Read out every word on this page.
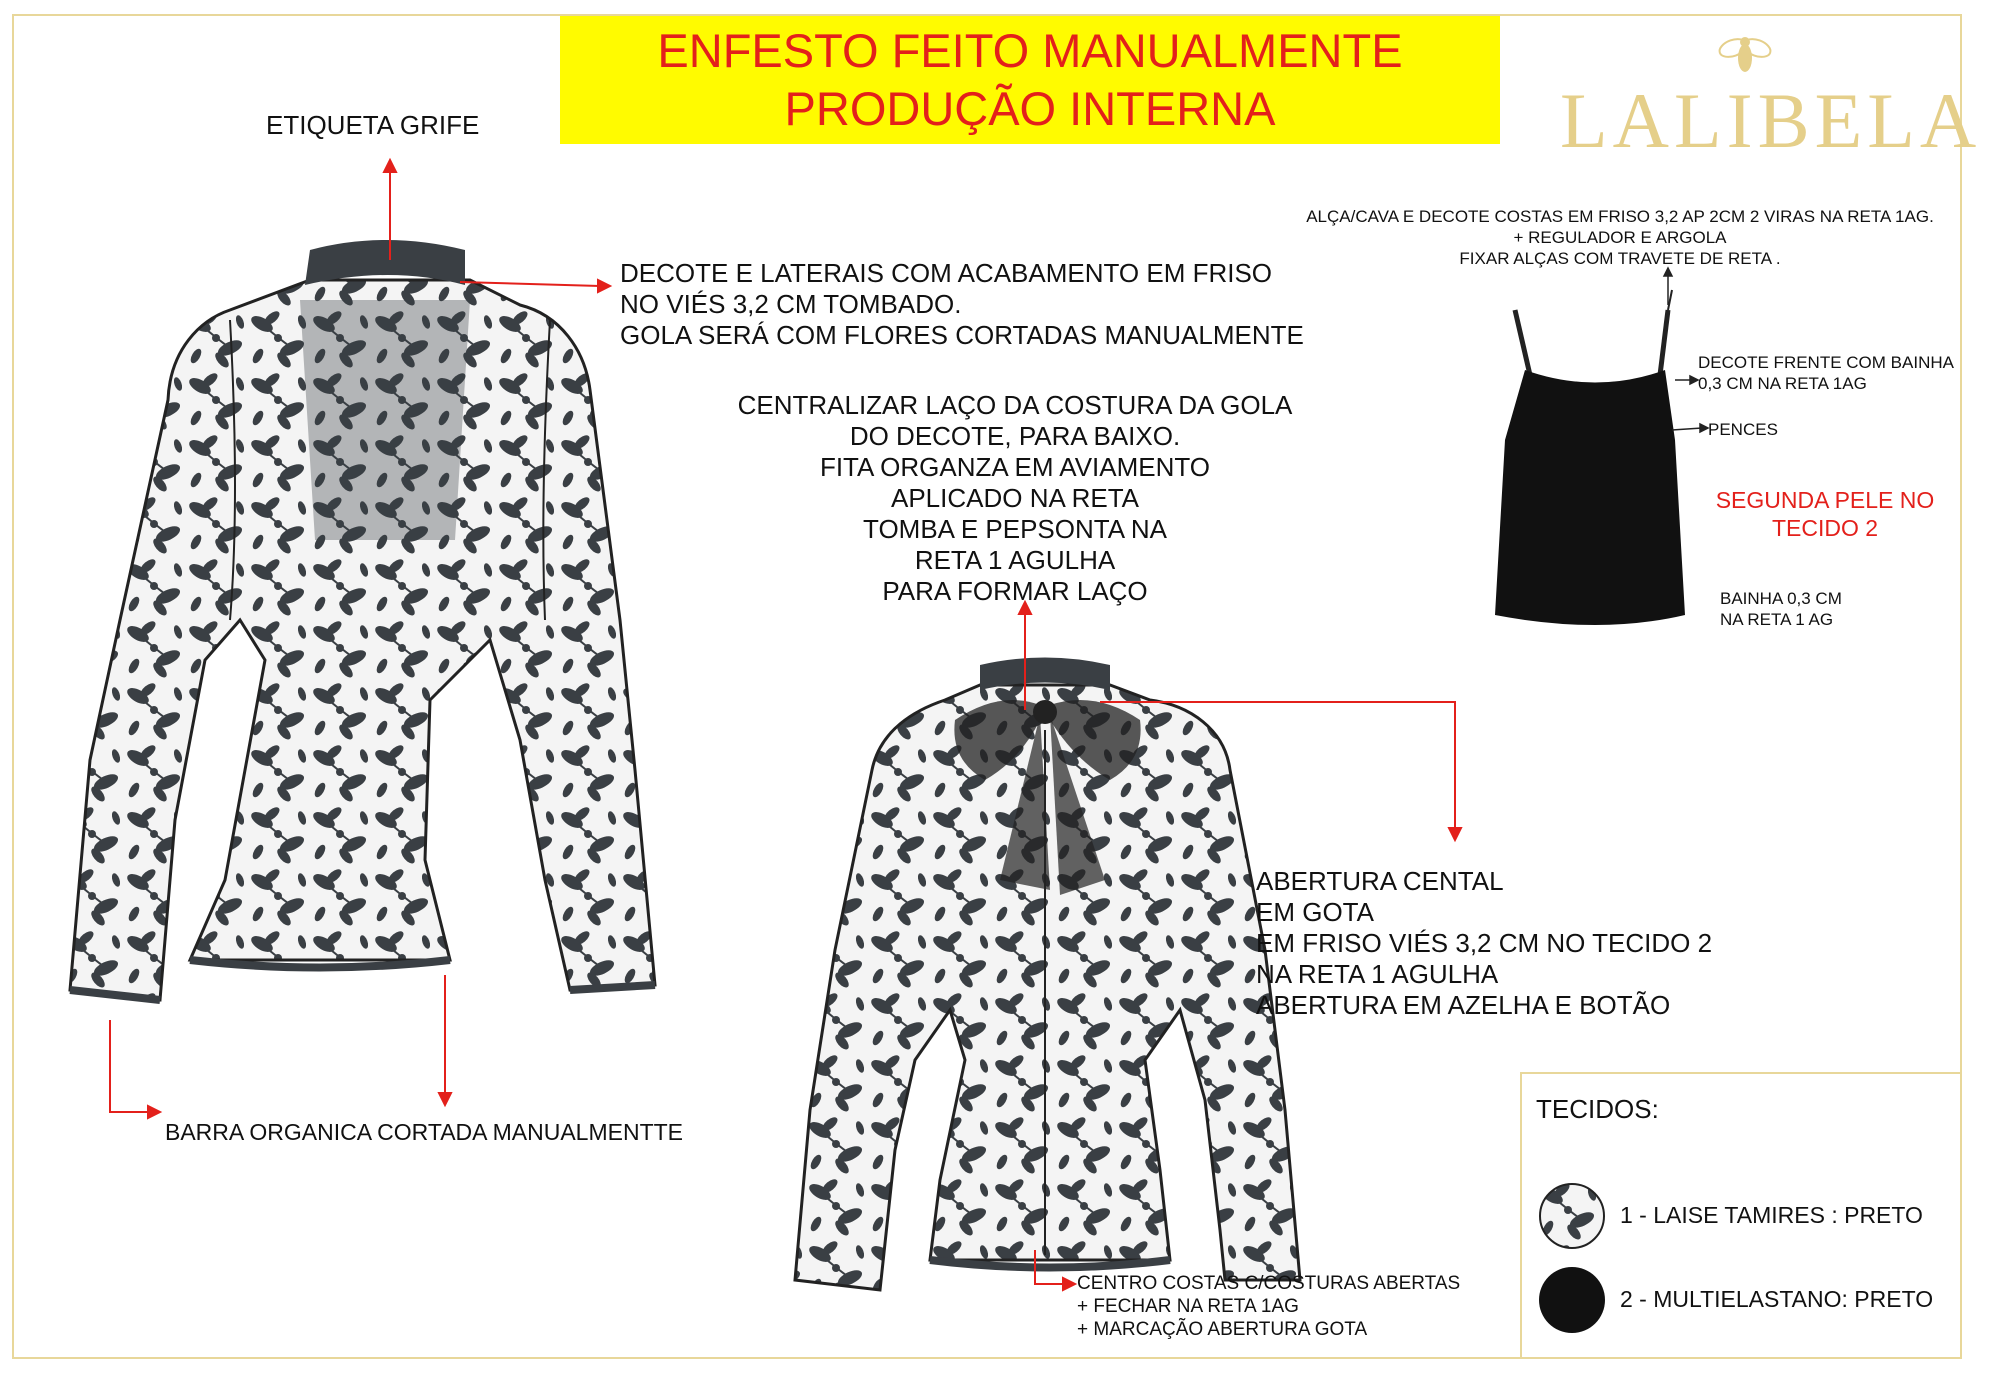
ENFESTO FEITO MANUALMENTE
PRODUÇÃO INTERNA	LALIBELA
ETIQUETA GRIFE
DECOTE E LATERAIS COM ACABAMENTO EM FRISO
NO VIÉS 3,2 CM TOMBADO.
GOLA SERÁ COM FLORES CORTADAS MANUALMENTE
CENTRALIZAR LAÇO DA COSTURA DA GOLA
DO DECOTE, PARA BAIXO.
FITA ORGANZA EM AVIAMENTO
APLICADO NA RETA
TOMBA E PEPSONTA NA
RETA 1 AGULHA
PARA FORMAR LAÇO
ABERTURA CENTAL
EM GOTA
EM FRISO VIÉS 3,2 CM NO TECIDO 2
NA RETA 1 AGULHA
ABERTURA EM AZELHA E BOTÃO
BARRA ORGANICA CORTADA MANUALMENTTE
CENTRO COSTAS C/COSTURAS ABERTAS
+ FECHAR NA RETA 1AG
+ MARCAÇÃO ABERTURA GOTA
ALÇA/CAVA E DECOTE COSTAS EM FRISO 3,2 AP 2CM 2 VIRAS NA RETA 1AG.
+ REGULADOR E ARGOLA
FIXAR ALÇAS COM TRAVETE DE RETA .
DECOTE FRENTE COM BAINHA
0,3 CM NA RETA 1AG
PENCES
SEGUNDA PELE NO
TECIDO 2
BAINHA 0,3 CM
NA RETA 1 AG
TECIDOS:
1 - LAISE TAMIRES : PRETO
2 - MULTIELASTANO: PRETO
